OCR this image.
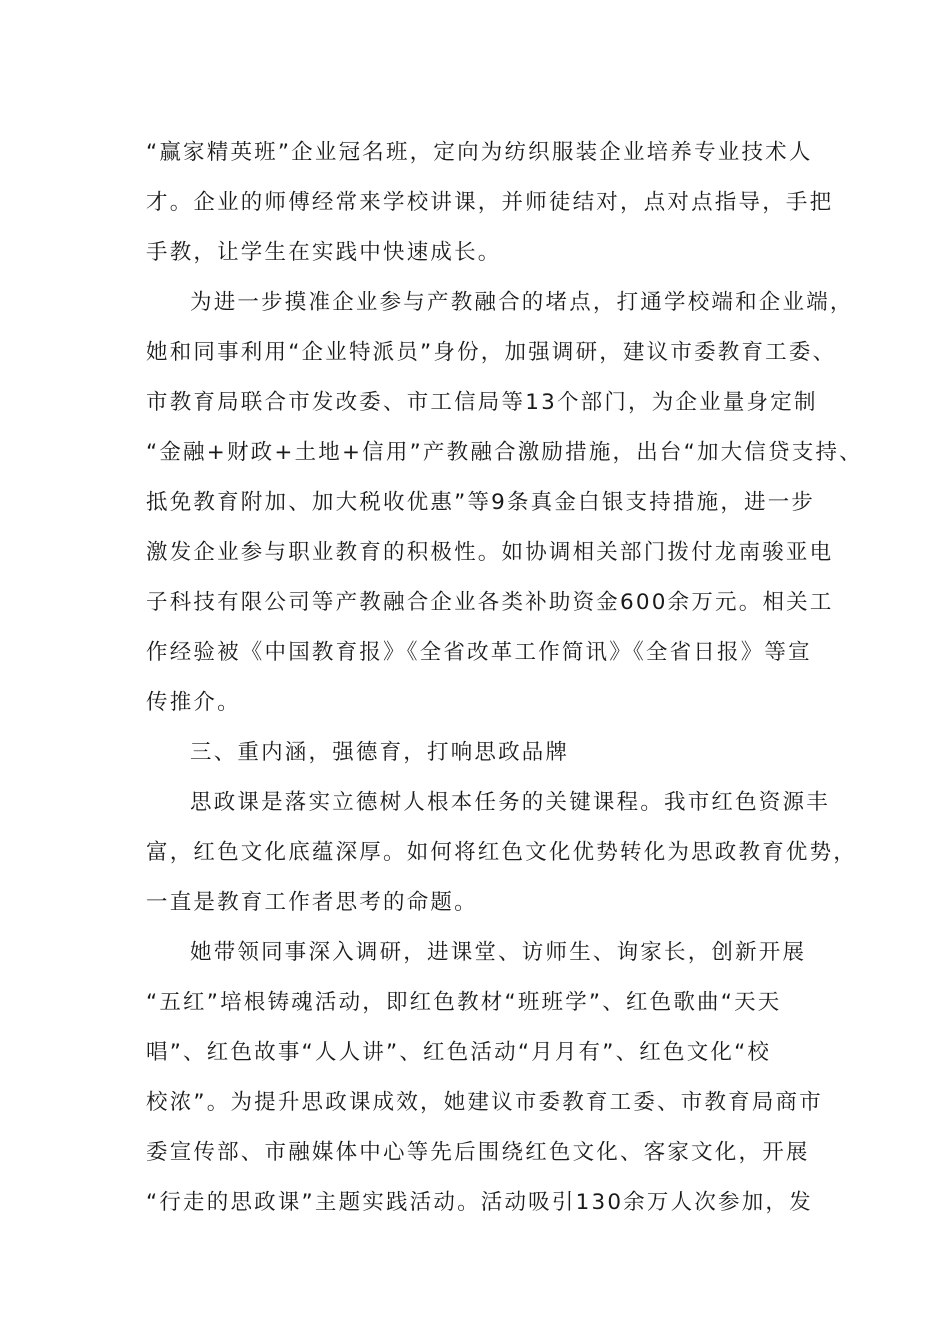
“赢家精英班”企业冠名班，定向为纺织服装企业培养专业技术人
才。企业的师傅经常来学校讲课，并师徒结对，点对点指导，手把
手教，让学生在实践中快速成长。
为进一步摸准企业参与产教融合的堵点，打通学校端和企业端，
她和同事利用“企业特派员”身份，加强调研，建议市委教育工委、
市教育局联合市发改委、市工信局等13个部门，为企业量身定制
“金融+财政+土地+信用”产教融合激励措施，出台“加大信贷支持、
抵免教育附加、加大税收优惠”等9条真金白银支持措施，进一步
激发企业参与职业教育的积极性。如协调相关部门拨付龙南骏亚电
子科技有限公司等产教融合企业各类补助资金600余万元。相关工
作经验被《中国教育报》《全省改革工作简讯》《全省日报》等宣
传推介。
三、重内涵，强德育，打响思政品牌
思政课是落实立德树人根本任务的关键课程。我市红色资源丰
富，红色文化底蕴深厚。如何将红色文化优势转化为思政教育优势，
一直是教育工作者思考的命题。
她带领同事深入调研，进课堂、访师生、询家长，创新开展
“五红”培根铸魂活动，即红色教材“班班学”、红色歌曲“天天
唱”、红色故事“人人讲”、红色活动“月月有”、红色文化“校
校浓”。为提升思政课成效，她建议市委教育工委、市教育局商市
委宣传部、市融媒体中心等先后围绕红色文化、客家文化，开展
“行走的思政课”主题实践活动。活动吸引130余万人次参加，发
